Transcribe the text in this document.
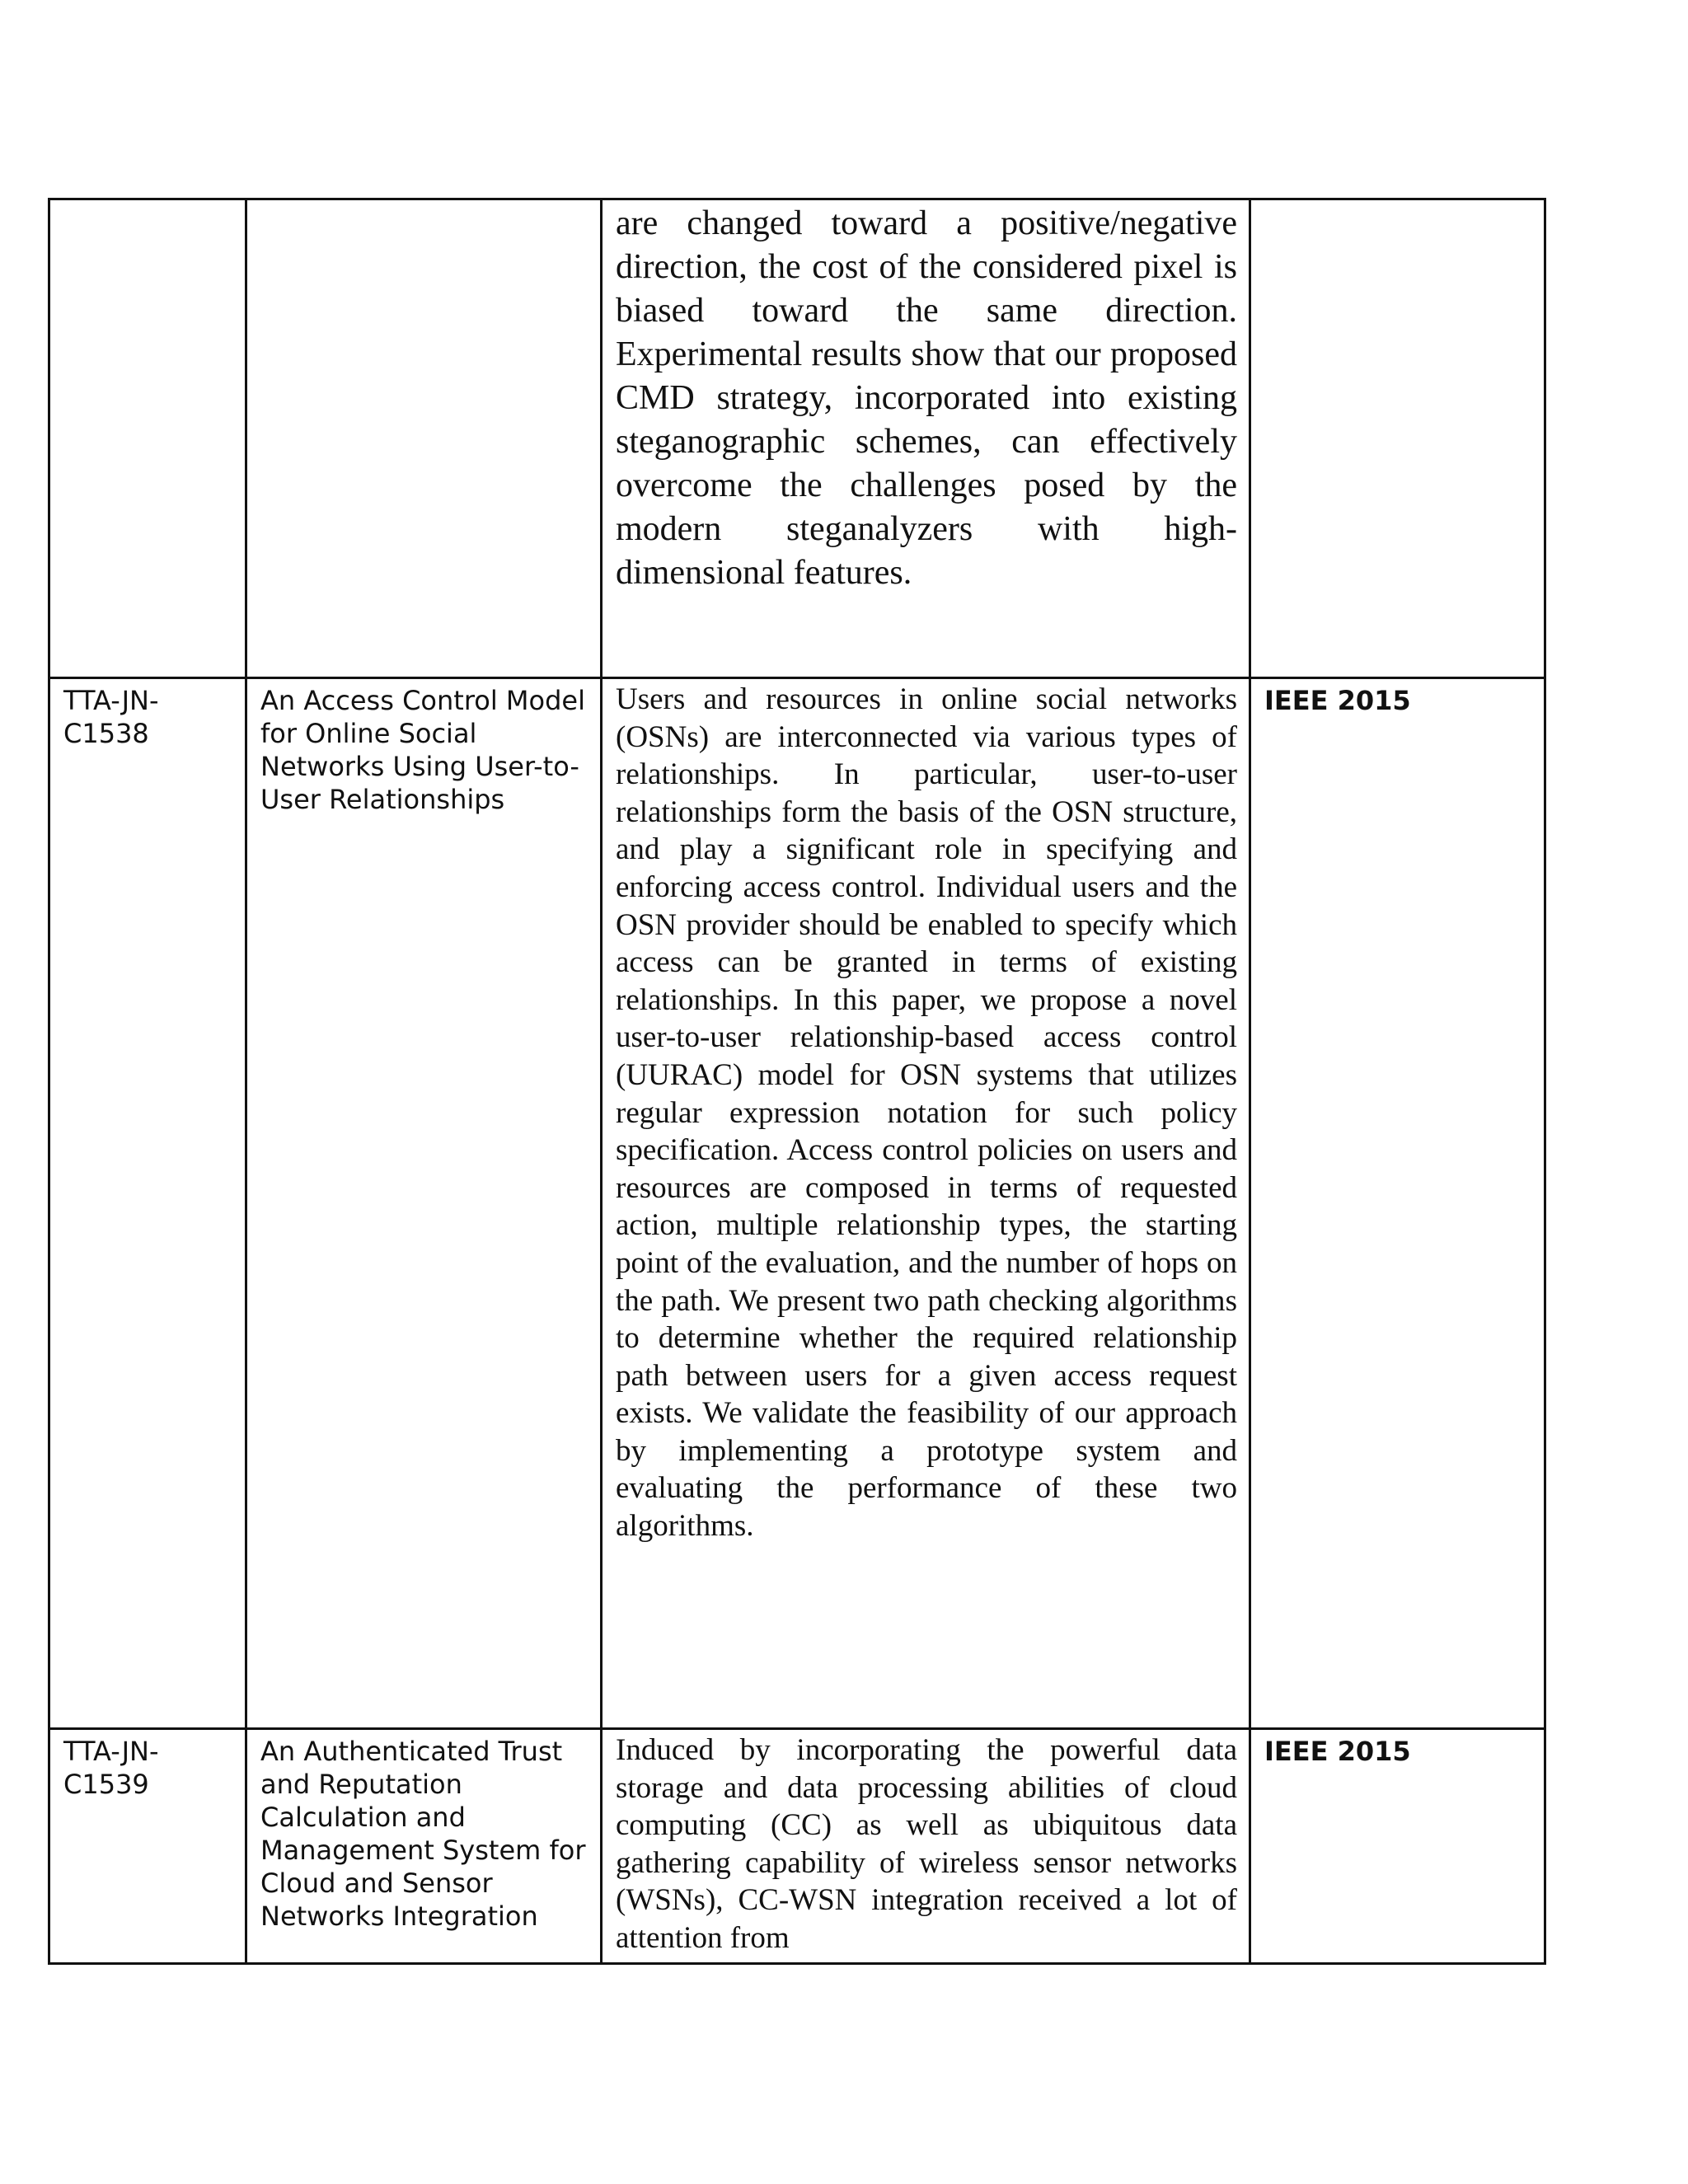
		are changed toward a positive/negative direction, the cost of the considered pixel is biased toward the same direction. Experimental results show that our proposed CMD strategy, incorporated into existing steganographic schemes, can effectively overcome the challenges posed by the modern steganalyzers with high-dimensional features.	

TTA-JN-C1538	An Access Control Model for Online Social Networks Using User-to-User Relationships	Users and resources in online social networks (OSNs) are interconnected via various types of relationships. In particular, user-to-user relationships form the basis of the OSN structure, and play a significant role in specifying and enforcing access control. Individual users and the OSN provider should be enabled to specify which access can be granted in terms of existing relationships. In this paper, we propose a novel user-to-user relationship-based access control (UURAC) model for OSN systems that utilizes regular expression notation for such policy specification. Access control policies on users and resources are composed in terms of requested action, multiple relationship types, the starting point of the evaluation, and the number of hops on the path. We present two path checking algorithms to determine whether the required relationship path between users for a given access request exists. We validate the feasibility of our approach by implementing a prototype system and evaluating the performance of these two algorithms.	IEEE 2015

TTA-JN-C1539	An Authenticated Trust and Reputation Calculation and Management System for Cloud and Sensor Networks Integration	Induced by incorporating the powerful data storage and data processing abilities of cloud computing (CC) as well as ubiquitous data gathering capability of wireless sensor networks (WSNs), CC-WSN integration received a lot of attention from	IEEE 2015
